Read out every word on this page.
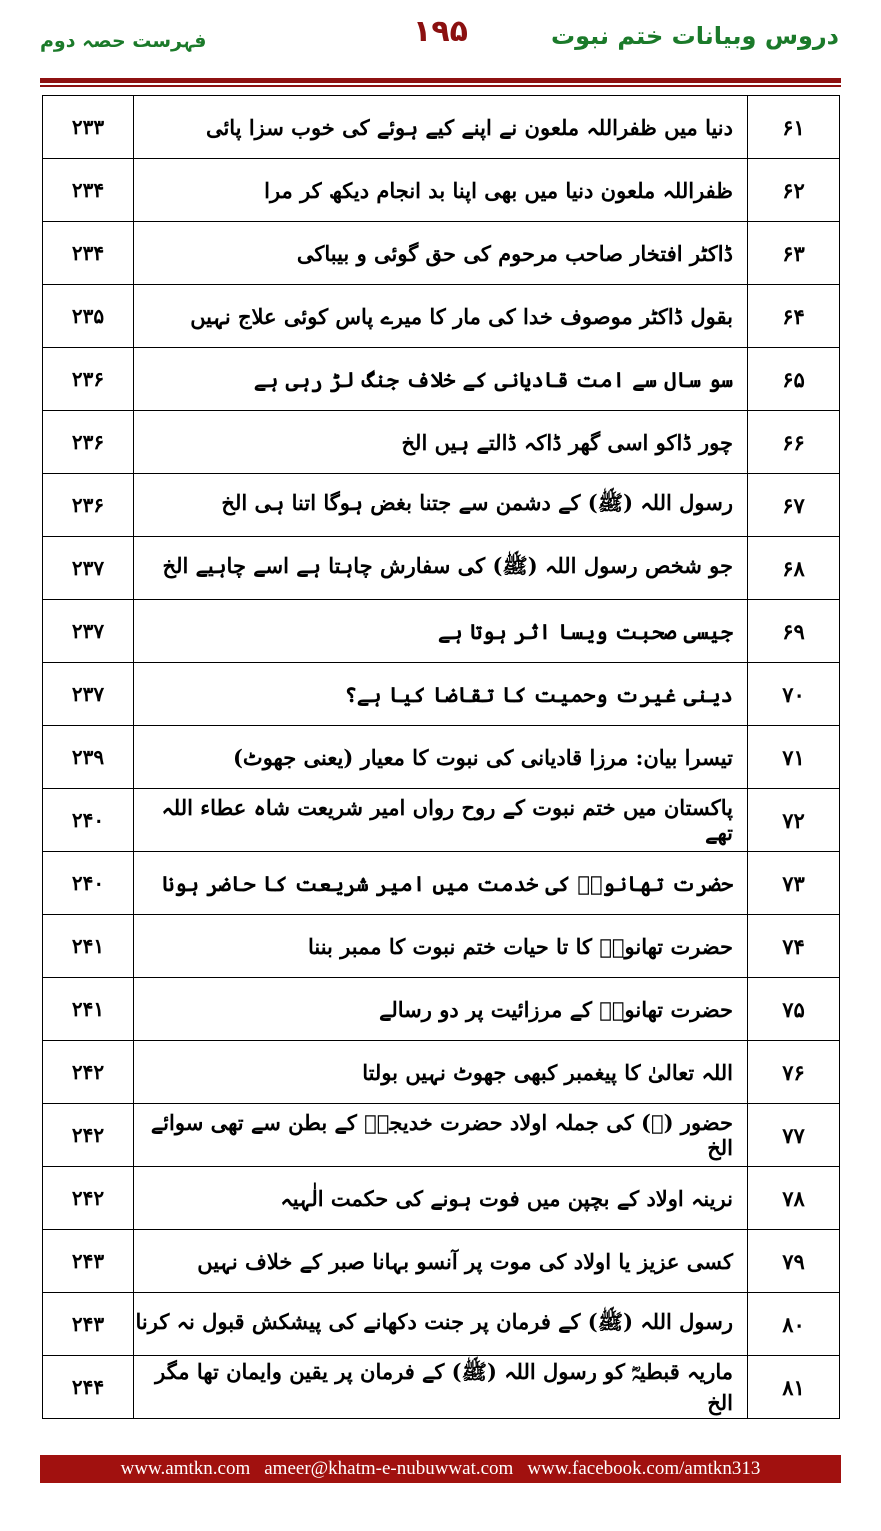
دروس وبیانات ختم نبوت
۱۹۵
فہرست حصہ دوم
۶۱	دنیا میں ظفراللہ ملعون نے اپنے کیے ہوئے کی خوب سزا پائی	۲۳۳
۶۲	ظفراللہ ملعون دنیا میں بھی اپنا بد انجام دیکھ کر مرا	۲۳۴
۶۳	ڈاکٹر افتخار صاحب مرحوم کی حق گوئی و بیباکی	۲۳۴
۶۴	بقول ڈاکٹر موصوف خدا کی مار کا میرے پاس کوئی علاج نہیں	۲۳۵
۶۵	سو سال سے امت قادیانی کے خلاف جنگ لڑ رہی ہے	۲۳۶
۶۶	چور ڈاکو اسی گھر ڈاکہ ڈالتے ہیں الخ	۲۳۶
۶۷	رسول اللہ (ﷺ) کے دشمن سے جتنا بغض ہوگا اتنا ہی الخ	۲۳۶
۶۸	جو شخص رسول اللہ (ﷺ) کی سفارش چاہتا ہے اسے چاہیے الخ	۲۳۷
۶۹	جیسی صحبت ویسا اثر ہوتا ہے	۲۳۷
۷۰	دینی غیرت وحمیت کا تقاضا کیا ہے؟	۲۳۷
۷۱	تیسرا بیان: مرزا قادیانی کی نبوت کا معیار (یعنی جھوٹ)	۲۳۹
۷۲	پاکستان میں ختم نبوت کے روح رواں امیر شریعت شاہ عطاء اللہ تھے	۲۴۰
۷۳	حضرت تھانویؒ کی خدمت میں امیر شریعت کا حاضر ہونا	۲۴۰
۷۴	حضرت تھانویؒ کا تا حیات ختم نبوت کا ممبر بننا	۲۴۱
۷۵	حضرت تھانویؒ کے مرزائیت پر دو رسالے	۲۴۱
۷۶	اللہ تعالیٰ کا پیغمبر کبھی جھوٹ نہیں بولتا	۲۴۲
۷۷	حضور (ﷺ) کی جملہ اولاد حضرت خدیجہؓ کے بطن سے تھی سوائے الخ	۲۴۲
۷۸	نرینہ اولاد کے بچپن میں فوت ہونے کی حکمت الٰہیہ	۲۴۲
۷۹	کسی عزیز یا اولاد کی موت پر آنسو بہانا صبر کے خلاف نہیں	۲۴۳
۸۰	رسول اللہ (ﷺ) کے فرمان پر جنت دکھانے کی پیشکش قبول نہ کرنا	۲۴۳
۸۱	ماریہ قبطیہؓ کو رسول اللہ (ﷺ) کے فرمان پر یقین وایمان تھا مگر الخ	۲۴۴
www.amtkn.com ameer@khatm-e-nubuwwat.com www.facebook.com/amtkn313
